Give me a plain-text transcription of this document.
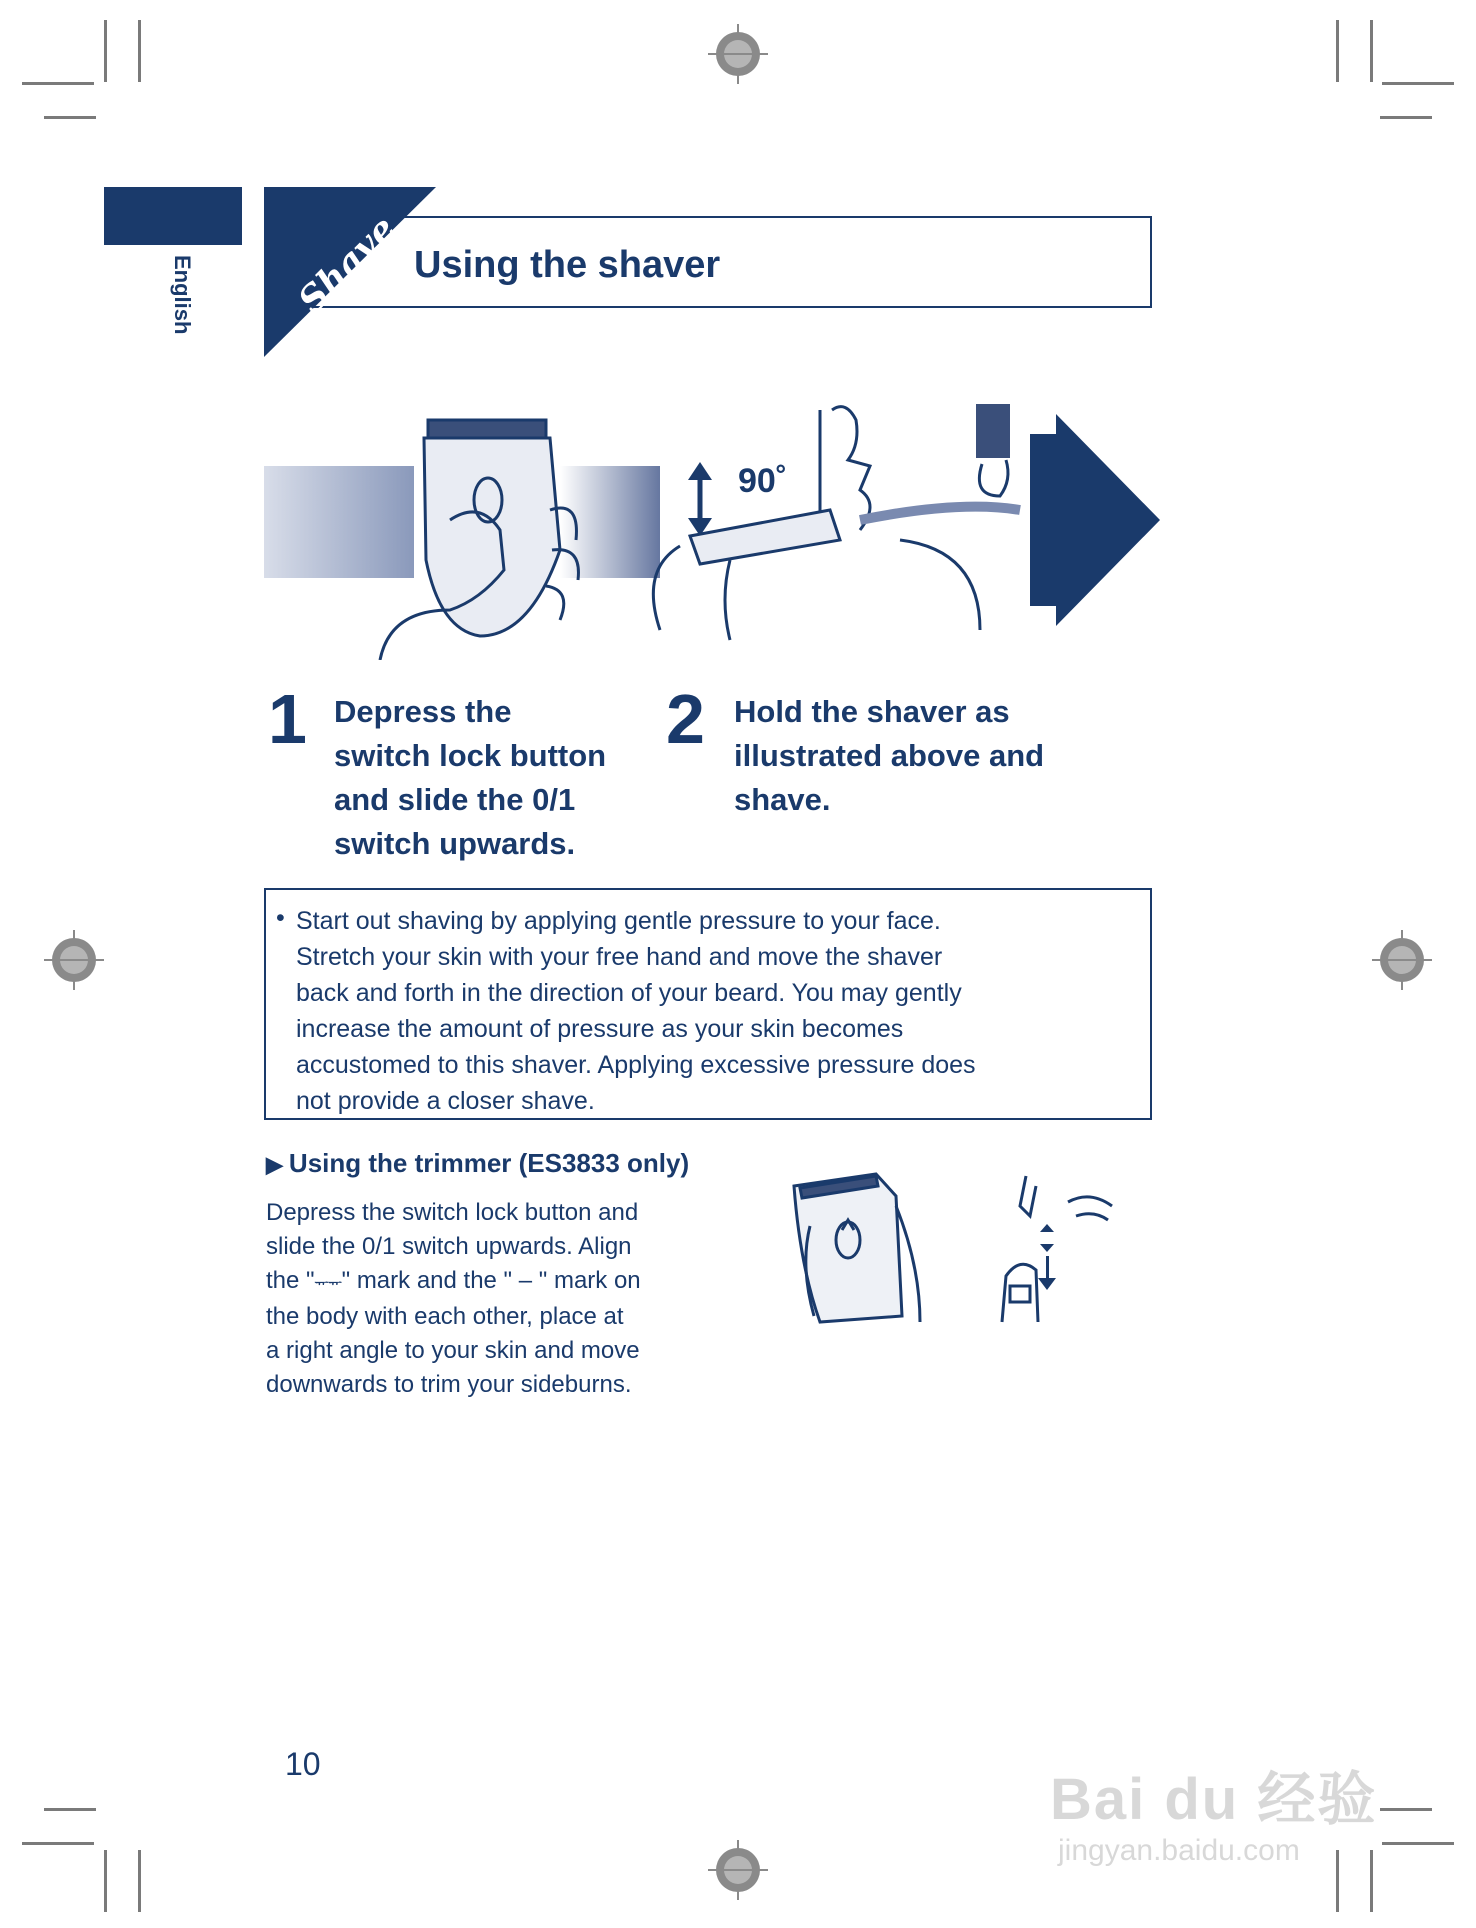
English	Shave Using the shaver
90˚
1 Depress the
switch lock button
and slide the 0/1
switch upwards.
2 Hold the shaver as
illustrated above and
shave.
• Start out shaving by applying gentle pressure to your face.
Stretch your skin with your free hand and move the shaver
back and forth in the direction of your beard. You may gently
increase the amount of pressure as your skin becomes
accustomed to this shaver. Applying excessive pressure does
not provide a closer shave.
▶ Using the trimmer (ES3833 only)
Depress the switch lock button and
slide the 0/1 switch upwards. Align
the "ᅲᅲ" mark and the " – " mark on
the body with each other, place at
a right angle to your skin and move
downwards to trim your sideburns.
10
Bai du 经验
jingyan.baidu.com
